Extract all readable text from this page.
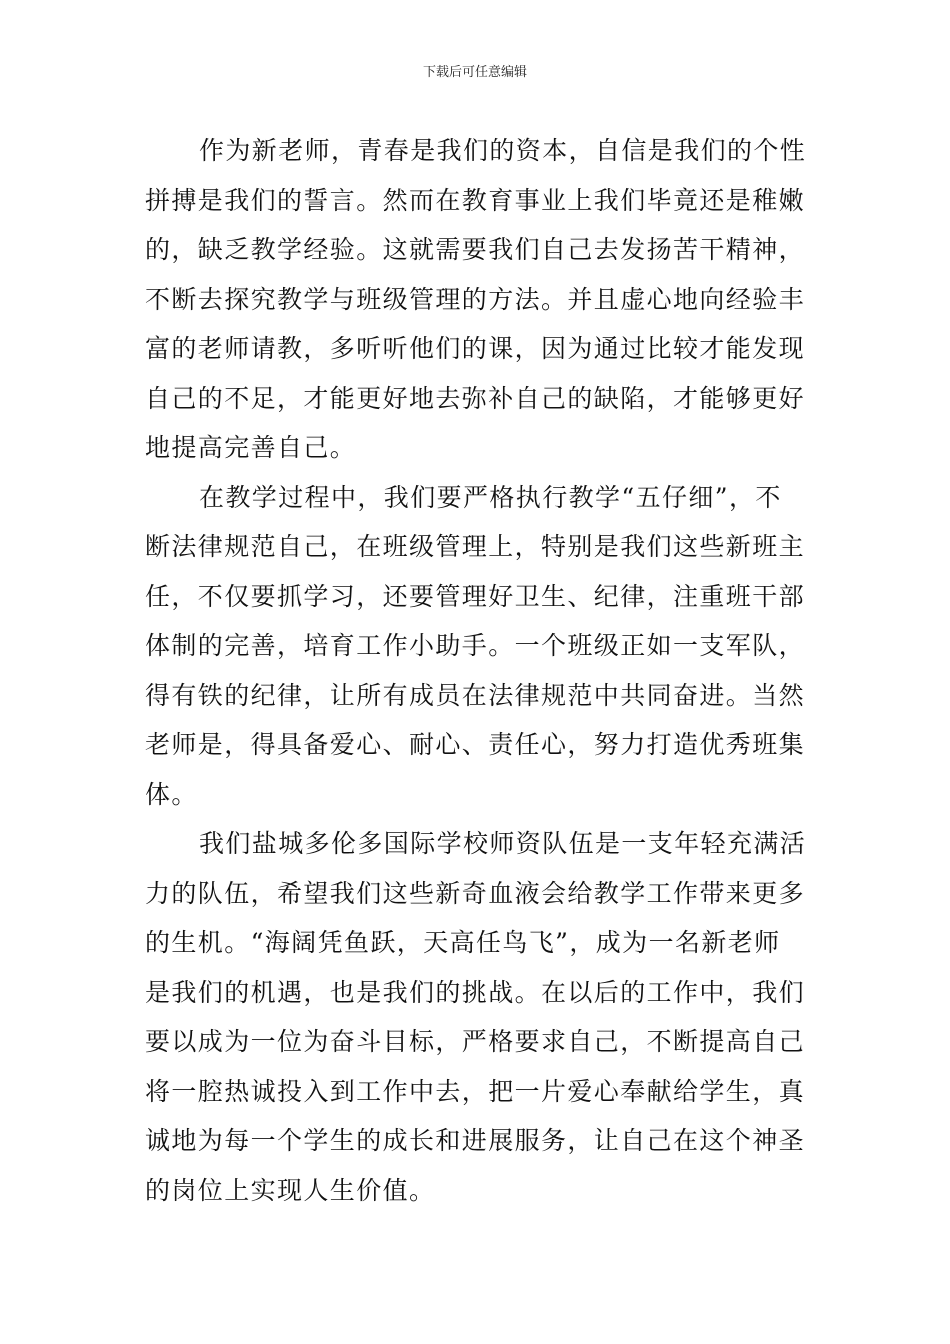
下载后可任意编辑
作为新老师，青春是我们的资本，自信是我们的个性
拼搏是我们的誓言。然而在教育事业上我们毕竟还是稚嫩
的，缺乏教学经验。这就需要我们自己去发扬苦干精神，
不断去探究教学与班级管理的方法。并且虚心地向经验丰
富的老师请教，多听听他们的课，因为通过比较才能发现
自己的不足，才能更好地去弥补自己的缺陷，才能够更好
地提高完善自己。
在教学过程中，我们要严格执行教学“五仔细”，不
断法律规范自己，在班级管理上，特别是我们这些新班主
任，不仅要抓学习，还要管理好卫生、纪律，注重班干部
体制的完善，培育工作小助手。一个班级正如一支军队，
得有铁的纪律，让所有成员在法律规范中共同奋进。当然
老师是，得具备爱心、耐心、责任心，努力打造优秀班集
体。
我们盐城多伦多国际学校师资队伍是一支年轻充满活
力的队伍，希望我们这些新奇血液会给教学工作带来更多
的生机。“海阔凭鱼跃，天高任鸟飞”，成为一名新老师
是我们的机遇，也是我们的挑战。在以后的工作中，我们
要以成为一位为奋斗目标，严格要求自己，不断提高自己
将一腔热诚投入到工作中去，把一片爱心奉献给学生，真
诚地为每一个学生的成长和进展服务，让自己在这个神圣
的岗位上实现人生价值。
